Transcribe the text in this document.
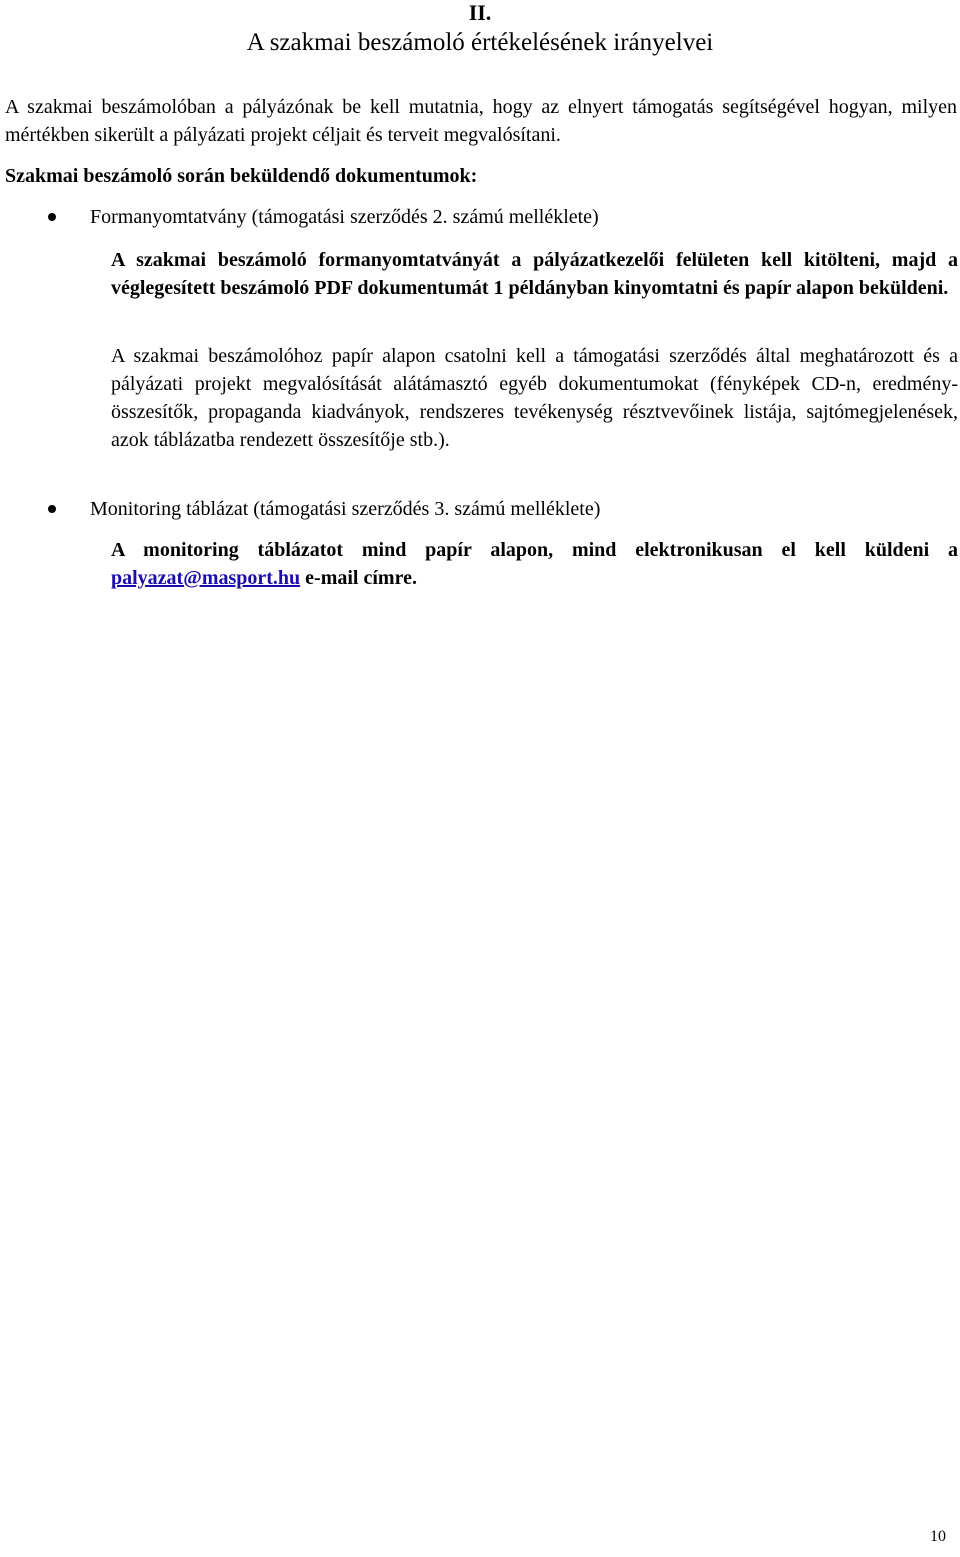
II.
A szakmai beszámoló értékelésének irányelvei
A szakmai beszámolóban a pályázónak be kell mutatnia, hogy az elnyert támogatás segítségével hogyan, milyen mértékben sikerült a pályázati projekt céljait és terveit megvalósítani.
Szakmai beszámoló során beküldendő dokumentumok:
Formanyomtatvány (támogatási szerződés 2. számú melléklete)
A szakmai beszámoló formanyomtatványát a pályázatkezelői felületen kell kitölteni, majd a véglegesített beszámoló PDF dokumentumát 1 példányban kinyomtatni és papír alapon beküldeni.
A szakmai beszámolóhoz papír alapon csatolni kell a támogatási szerződés által meghatározott és a pályázati projekt megvalósítását alátámasztó egyéb dokumentumokat (fényképek CD-n, eredmény-összesítők, propaganda kiadványok, rendszeres tevékenység résztvevőinek listája, sajtómegjelenések, azok táblázatba rendezett összesítője stb.).
Monitoring táblázat (támogatási szerződés 3. számú melléklete)
A monitoring táblázatot mind papír alapon, mind elektronikusan el kell küldeni a palyazat@masport.hu e-mail címre.
10
